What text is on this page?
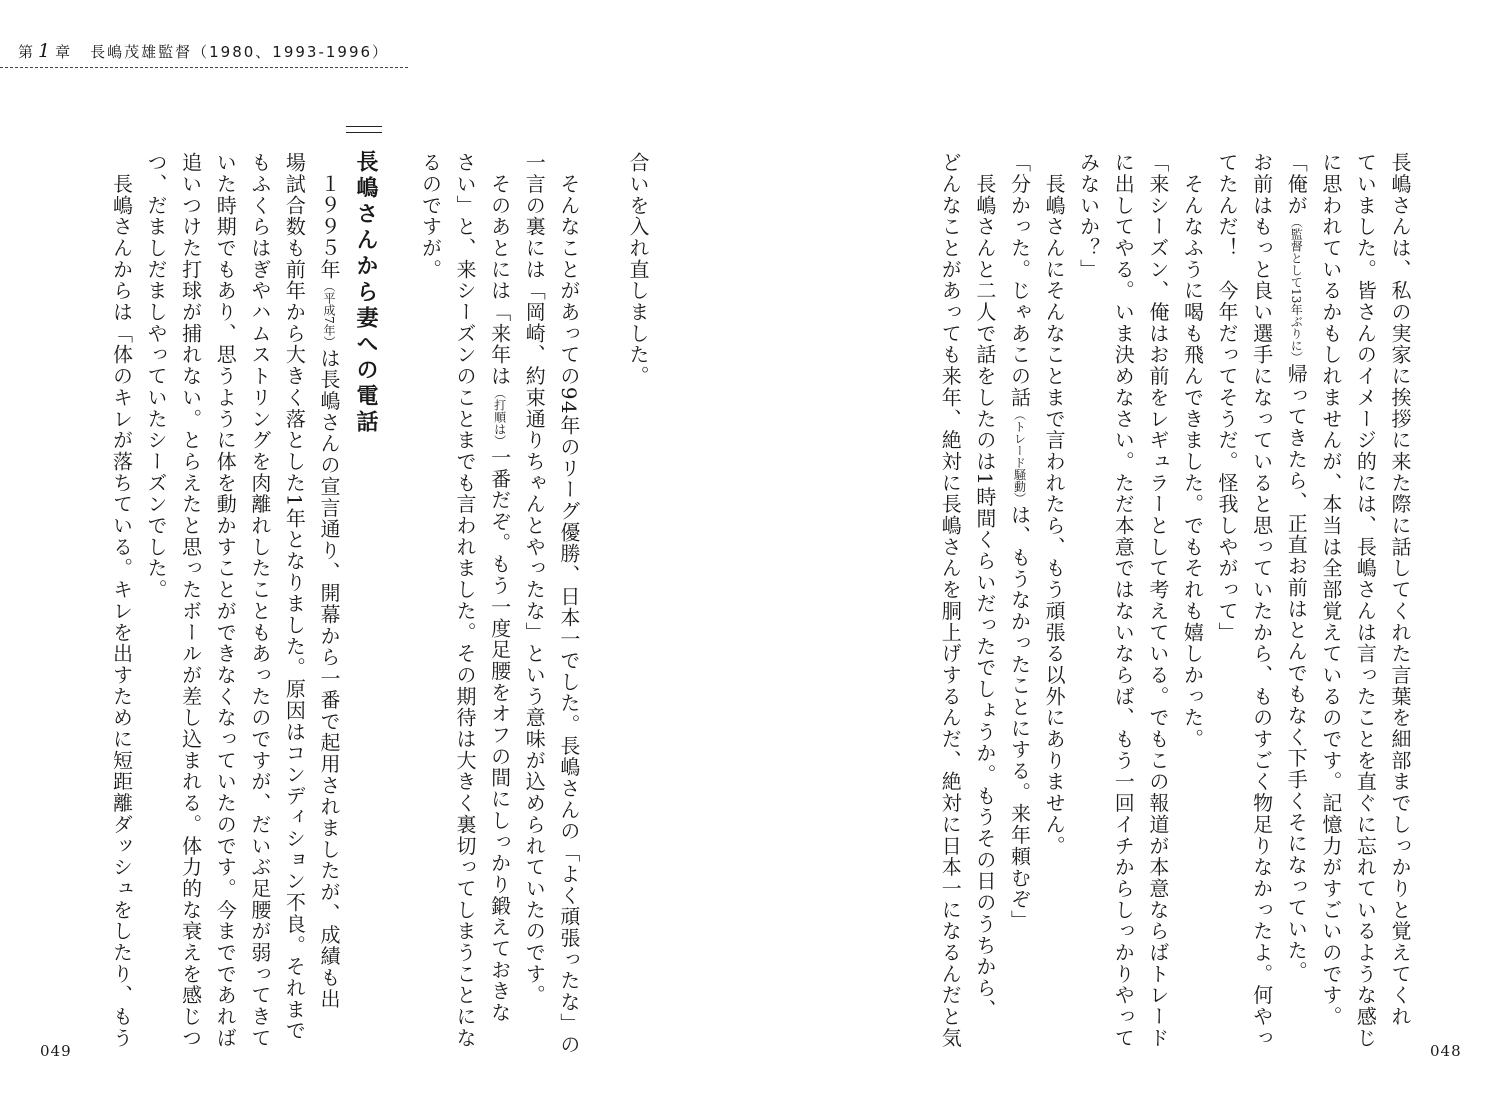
第 1 章 長嶋茂雄監督（1980、1993-1996）

長嶋さんは、私の実家に挨拶に来た際に話してくれた言葉を細部までしっかりと覚えてくれ

ていました。皆さんのイメージ的には、長嶋さんは言ったことを直ぐに忘れているような感じ

に思われているかもしれませんが、本当は全部覚えているのです。記憶力がすごいのです。

「俺が（監督として13年ぶりに）帰ってきたら、正直お前はとんでもなく下手くそになっていた。

お前はもっと良い選手になっていると思っていたから、ものすごく物足りなかったよ。何やっ

てたんだ！　今年だってそうだ。怪我しやがって」

　そんなふうに喝も飛んできました。でもそれも嬉しかった。

「来シーズン、俺はお前をレギュラーとして考えている。でもこの報道が本意ならばトレード

に出してやる。いま決めなさい。ただ本意ではないならば、もう一回イチからしっかりやって

みないか？」

　長嶋さんにそんなことまで言われたら、もう頑張る以外にありません。

「分かった。じゃあこの話（トレード騒動）は、もうなかったことにする。来年頼むぞ」

　長嶋さんと二人で話をしたのは1時間くらいだったでしょうか。もうその日のうちから、

どんなことがあっても来年、絶対に長嶋さんを胴上げするんだ、絶対に日本一になるんだと気

合いを入れ直しました。

　そんなことがあっての94年のリーグ優勝、日本一でした。長嶋さんの「よく頑張ったな」の

一言の裏には「岡崎、約束通りちゃんとやったな」という意味が込められていたのです。

　そのあとには「来年は（打順は）一番だぞ。もう一度足腰をオフの間にしっかり鍛えておきな

さい」と、来シーズンのことまでも言われました。その期待は大きく裏切ってしまうことにな

るのですが。

長嶋さんから妻への電話

　１９９５年（平成7年）は長嶋さんの宣言通り、開幕から一番で起用されましたが、成績も出

場試合数も前年から大きく落とした1年となりました。原因はコンディション不良。それまで

もふくらはぎやハムストリングを肉離れしたこともあったのですが、だいぶ足腰が弱ってきて

いた時期でもあり、思うように体を動かすことができなくなっていたのです。今までであれば

追いつけた打球が捕れない。とらえたと思ったボールが差し込まれる。体力的な衰えを感じつ

つ、だましだましやっていたシーズンでした。

　長嶋さんからは「体のキレが落ちている。キレを出すために短距離ダッシュをしたり、もう

049	048
